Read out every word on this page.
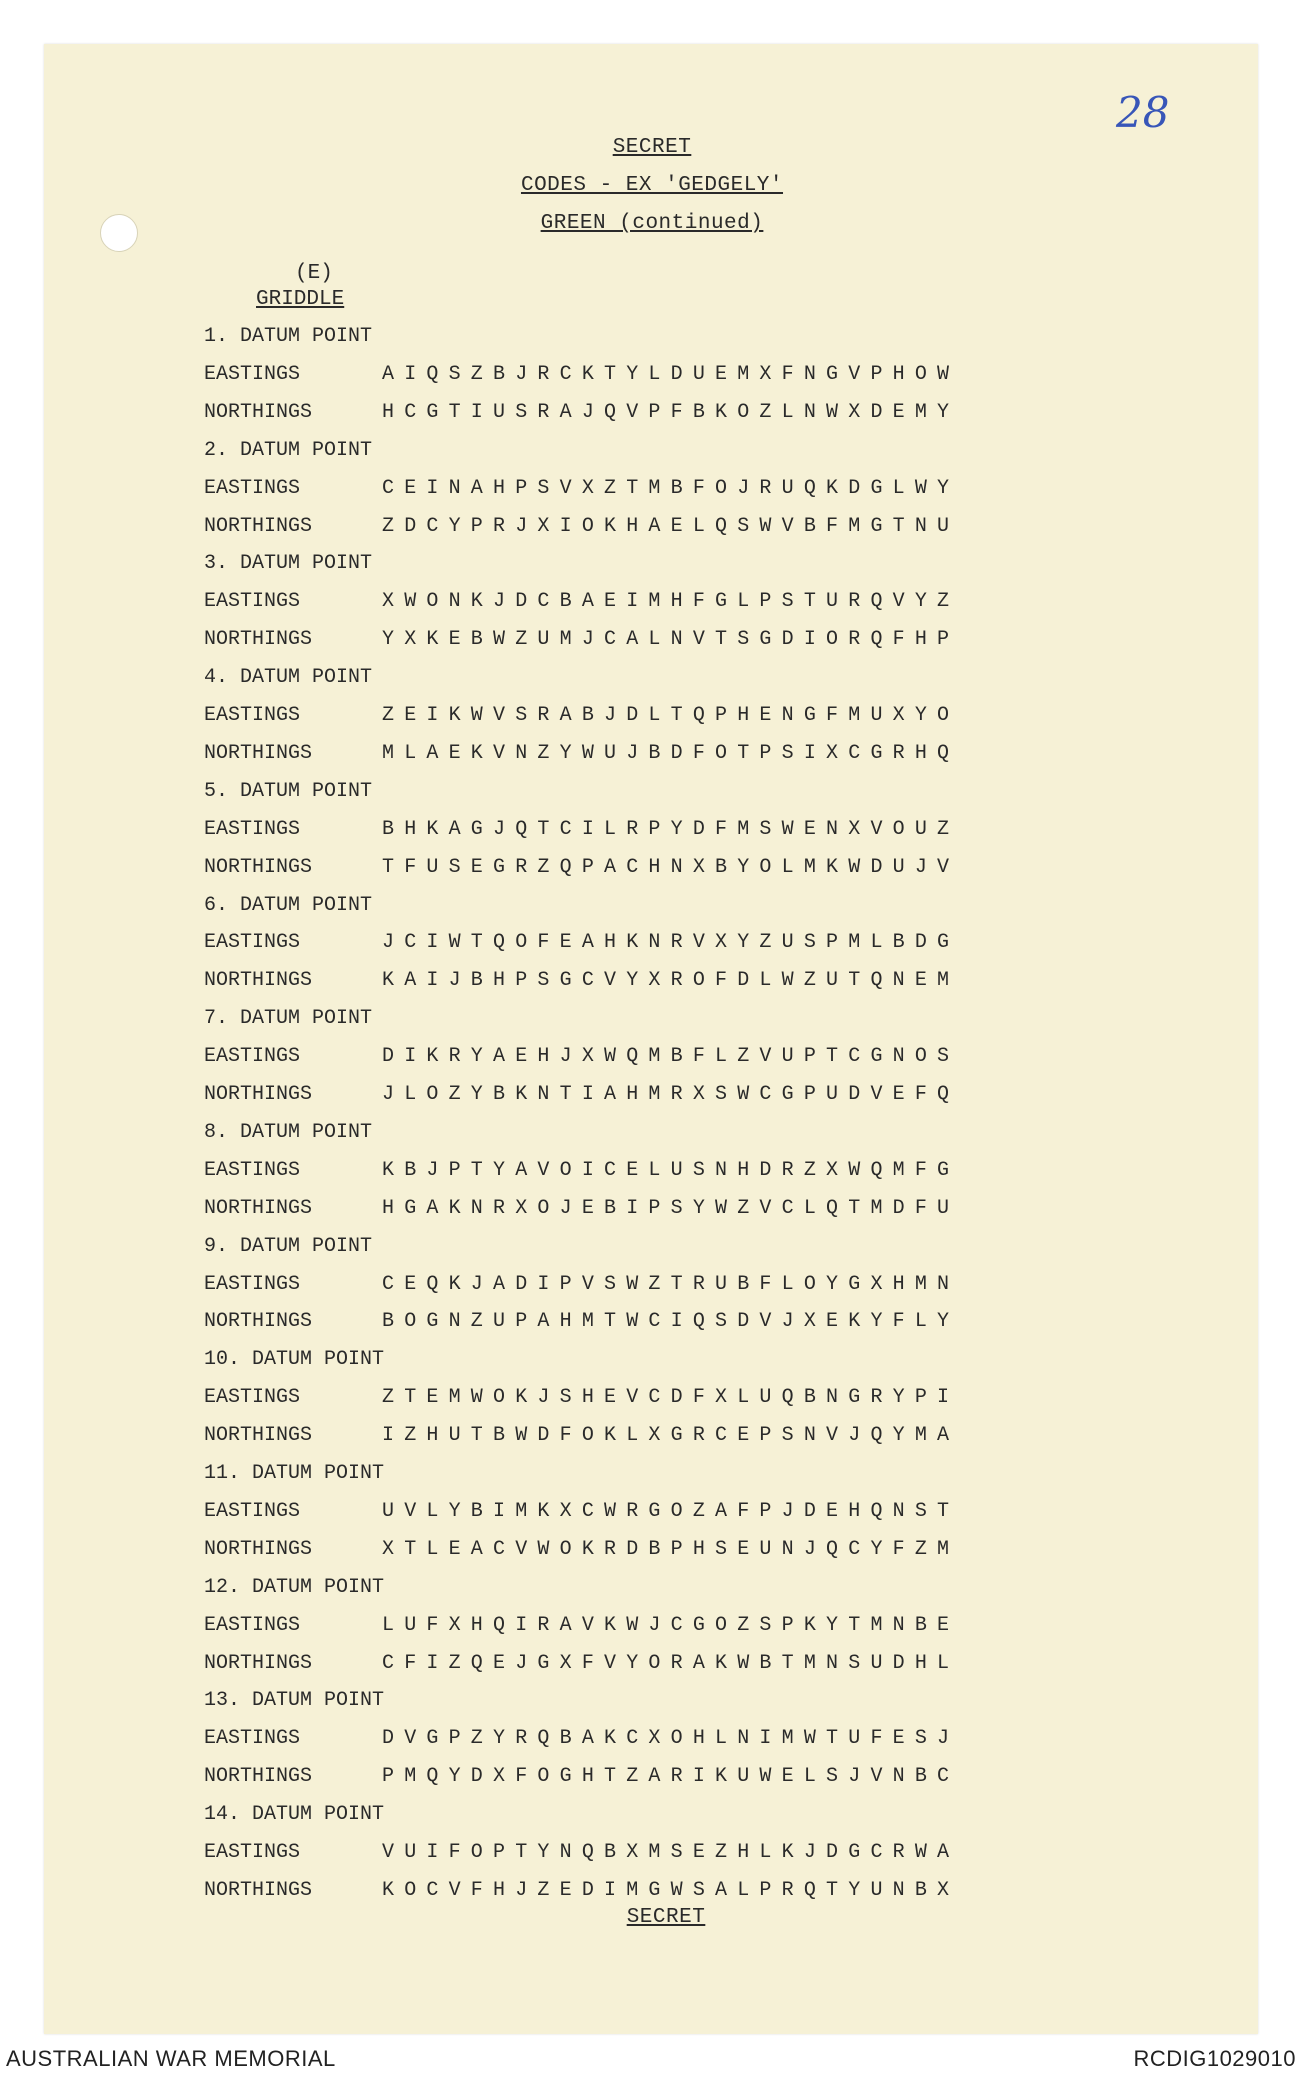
28
SECRET
CODES - EX 'GEDGELY'
GREEN (continued)
(E)
GRIDDLE
1. DATUM POINT
EASTINGS	AIQSZBJRCKTYLDUEMXFNGVPHOW
NORTHINGS	HCGTIUSRAJQVPFBKOZLNWXDEMY
2. DATUM POINT
EASTINGS	CEINAHPSVXZTMBFOJRUQKDGLWY
NORTHINGS	ZDCYPRJXIOKHAELQSWVBFMGTNU
3. DATUM POINT
EASTINGS	XWONKJDCBAEIMHFGLPSTURQVYZ
NORTHINGS	YXKEBWZUMJCALNVTSGDIORQFHP
4. DATUM POINT
EASTINGS	ZEIKWVSRABJDLTQPHENGFMUXYO
NORTHINGS	MLAEKVNZYWUJBDFOTPSIXCGRHQ
5. DATUM POINT
EASTINGS	BHKAGJQTCILRPYDFMSWENXVOUZ
NORTHINGS	TFUSEGRZQPACHNXBYOLMKWDUJV
6. DATUM POINT
EASTINGS	JCIWTQOFEAHKNRVXYZUSPMLBDG
NORTHINGS	KAIJBHPSGCVYXROFDLWZUTQNEM
7. DATUM POINT
EASTINGS	DIKRYAEHJXWQMBFLZVUPTCGNOS
NORTHINGS	JLOZYBKNTIAHMRXSWCGPUDVEFQ
8. DATUM POINT
EASTINGS	KBJPTYAVOICELUSNHDRZXWQMFG
NORTHINGS	HGAKNRXOJEBIPSYWZVCLQTMDFU
9. DATUM POINT
EASTINGS	CEQKJADIPVSWZTRUBFLOYGXHMN
NORTHINGS	BOGNZUPAHMTWCIQSDVJXEKYFLY
10. DATUM POINT
EASTINGS	ZTEMWOKJSHEVCDFXLUQBNGRYPI
NORTHINGS	IZHUTBWDFOKLXGRCEPSNVJQYMA
11. DATUM POINT
EASTINGS	UVLYBIMKXCWRGOZAFPJDEHQNST
NORTHINGS	XTLEACVWOKRDBPHSEUNJQCYFZM
12. DATUM POINT
EASTINGS	LUFXHQIRAVKWJCGOZSPKYTMNBE
NORTHINGS	CFIZQEJGXFVYORAKWBTMNSUDHL
13. DATUM POINT
EASTINGS	DVGPZYRQBAKCXOHLNIMWTUFESJ
NORTHINGS	PMQYDXFOGHTZARIKUWELSJVNBC
14. DATUM POINT
EASTINGS	VUIFOPTYNQBXMSEZHLKJDGCRWA
NORTHINGS	KOCVFHJZEDIMGWSALPRQTYUNBX
SECRET
AUSTRALIAN WAR MEMORIAL	RCDIG1029010
